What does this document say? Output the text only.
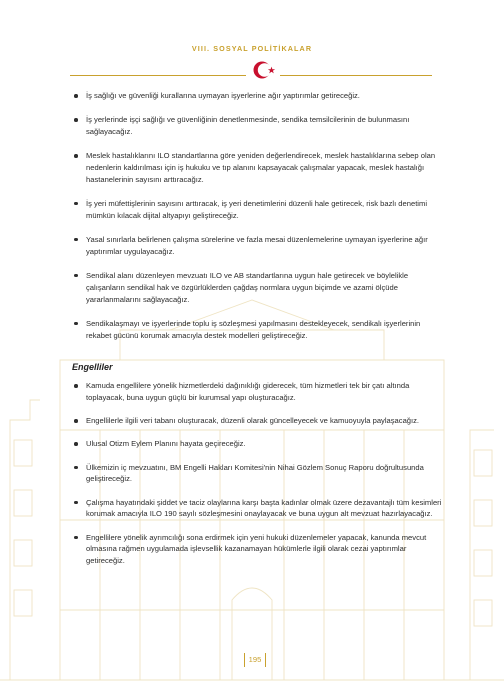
VIII. SOSYAL POLİTİKALAR
İş sağlığı ve güvenliği kurallarına uymayan işyerlerine ağır yaptırımlar getireceğiz.
İş yerlerinde işçi sağlığı ve güvenliğinin denetlenmesinde, sendika temsilcilerinin de bulunmasını sağlayacağız.
Meslek hastalıklarını ILO standartlarına göre yeniden değerlendirecek, meslek hastalıklarına sebep olan nedenlerin kaldırılması için iş hukuku ve tıp alanını kapsayacak çalışmalar yapacak, meslek hastalığı hastanelerinin sayısını arttıracağız.
İş yeri müfettişlerinin sayısını arttıracak, iş yeri denetimlerini düzenli hale getirecek, risk bazlı denetimi mümkün kılacak dijital altyapıyı geliştireceğiz.
Yasal sınırlarla belirlenen çalışma sürelerine ve fazla mesai düzenlemelerine uymayan işyerlerine ağır yaptırımlar uygulayacağız.
Sendikal alanı düzenleyen mevzuatı ILO ve AB standartlarına uygun hale getirecek ve böylelikle çalışanların sendikal hak ve özgürlüklerden çağdaş normlara uygun biçimde ve azami ölçüde yararlanmalarını sağlayacağız.
Sendikalaşmayı ve işyerlerinde toplu iş sözleşmesi yapılmasını destekleyecek, sendikalı işyerlerinin rekabet gücünü korumak amacıyla destek modelleri geliştireceğiz.
Engelliler
Kamuda engellilere yönelik hizmetlerdeki dağınıklığı giderecek, tüm hizmetleri tek bir çatı altında toplayacak, buna uygun güçlü bir kurumsal yapı oluşturacağız.
Engellilerle ilgili veri tabanı oluşturacak, düzenli olarak güncelleyecek ve kamuoyuyla paylaşacağız.
Ulusal Otizm Eylem Planını hayata geçireceğiz.
Ülkemizin iç mevzuatını, BM Engelli Hakları Komitesi'nin Nihai Gözlem Sonuç Raporu doğrultusunda geliştireceğiz.
Çalışma hayatındaki şiddet ve taciz olaylarına karşı başta kadınlar olmak üzere dezavantajlı tüm kesimleri korumak amacıyla ILO 190 sayılı sözleşmesini onaylayacak ve buna uygun alt mevzuat hazırlayacağız.
Engellilere yönelik ayrımcılığı sona erdirmek için yeni hukuki düzenlemeler yapacak, kanunda mevcut olmasına rağmen uygulamada işlevsellik kazanamayan hükümlerle ilgili olarak cezai yaptırımlar getireceğiz.
195
